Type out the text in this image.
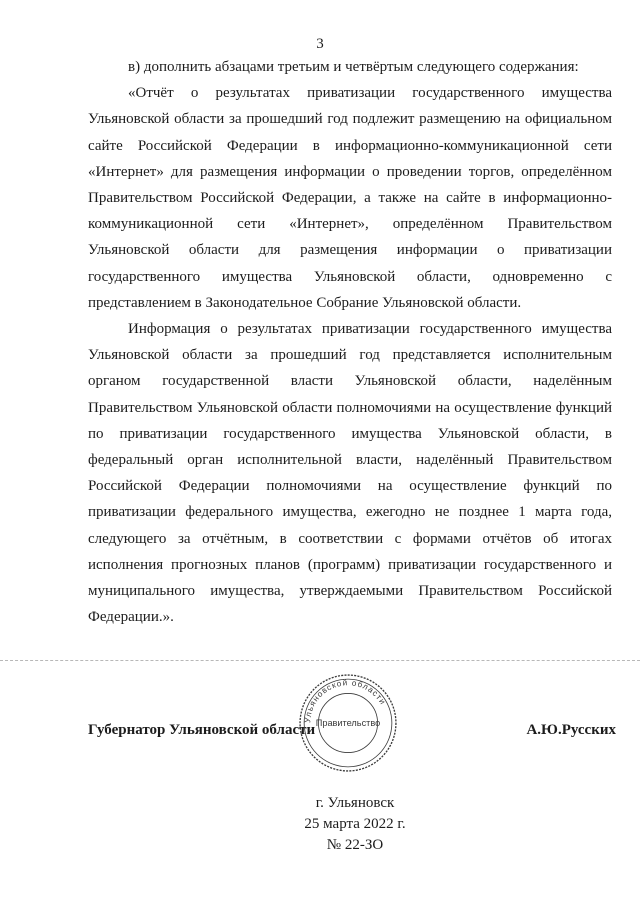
3

в) дополнить абзацами третьим и четвёртым следующего содержания:

«Отчёт о результатах приватизации государственного имущества Ульяновской области за прошедший год подлежит размещению на официальном сайте Российской Федерации в информационно-коммуникационной сети «Интернет» для размещения информации о проведении торгов, определённом Правительством Российской Федерации, а также на сайте в информационно-коммуникационной сети «Интернет», определённом Правительством Ульяновской области для размещения информации о приватизации государственного имущества Ульяновской области, одновременно с представлением в Законодательное Собрание Ульяновской области.

Информация о результатах приватизации государственного имущества Ульяновской области за прошедший год представляется исполнительным органом государственной власти Ульяновской области, наделённым Правительством Ульяновской области полномочиями на осуществление функций по приватизации государственного имущества Ульяновской области, в федеральный орган исполнительной власти, наделённый Правительством Российской Федерации полномочиями на осуществление функций по приватизации федерального имущества, ежегодно не позднее 1 марта года, следующего за отчётным, в соответствии с формами отчётов об итогах исполнения прогнозных планов (программ) приватизации государственного и муниципального имущества, утверждаемыми Правительством Российской Федерации.».

Губернатор Ульяновской области	А.Ю.Русских
Ульяновской области
Правительство
г. Ульяновск
25 марта 2022 г.
№ 22-ЗО
